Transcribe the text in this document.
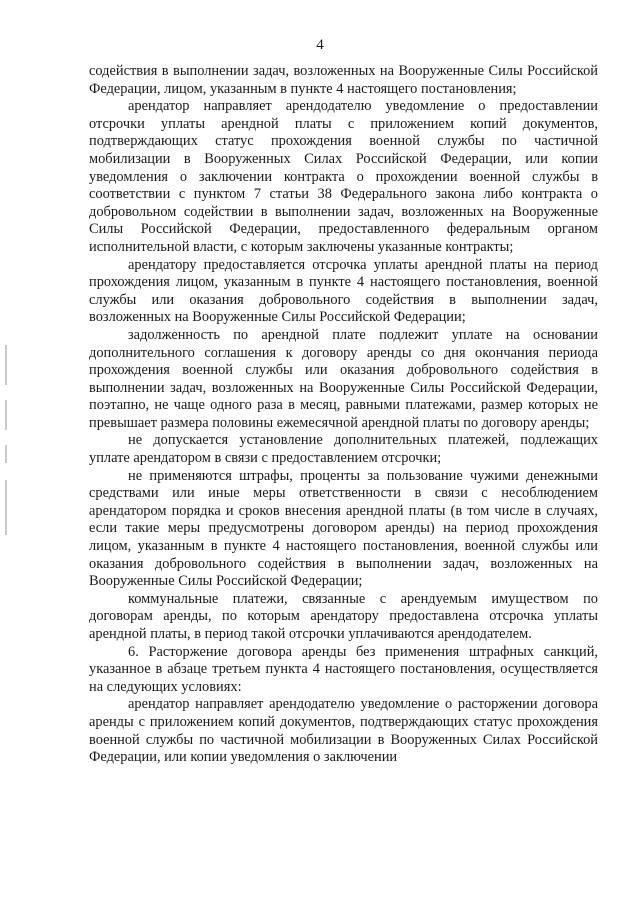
4

содействия в выполнении задач, возложенных на Вооруженные Силы Российской Федерации, лицом, указанным в пункте 4 настоящего постановления;

арендатор направляет арендодателю уведомление о предоставлении отсрочки уплаты арендной платы с приложением копий документов, подтверждающих статус прохождения военной службы по частичной мобилизации в Вооруженных Силах Российской Федерации, или копии уведомления о заключении контракта о прохождении военной службы в соответствии с пунктом 7 статьи 38 Федерального закона либо контракта о добровольном содействии в выполнении задач, возложенных на Вооруженные Силы Российской Федерации, предоставленного федеральным органом исполнительной власти, с которым заключены указанные контракты;

арендатору предоставляется отсрочка уплаты арендной платы на период прохождения лицом, указанным в пункте 4 настоящего постановления, военной службы или оказания добровольного содействия в выполнении задач, возложенных на Вооруженные Силы Российской Федерации;

задолженность по арендной плате подлежит уплате на основании дополнительного соглашения к договору аренды со дня окончания периода прохождения военной службы или оказания добровольного содействия в выполнении задач, возложенных на Вооруженные Силы Российской Федерации, поэтапно, не чаще одного раза в месяц, равными платежами, размер которых не превышает размера половины ежемесячной арендной платы по договору аренды;

не допускается установление дополнительных платежей, подлежащих уплате арендатором в связи с предоставлением отсрочки;

не применяются штрафы, проценты за пользование чужими денежными средствами или иные меры ответственности в связи с несоблюдением арендатором порядка и сроков внесения арендной платы (в том числе в случаях, если такие меры предусмотрены договором аренды) на период прохождения лицом, указанным в пункте 4 настоящего постановления, военной службы или оказания добровольного содействия в выполнении задач, возложенных на Вооруженные Силы Российской Федерации;

коммунальные платежи, связанные с арендуемым имуществом по договорам аренды, по которым арендатору предоставлена отсрочка уплаты арендной платы, в период такой отсрочки уплачиваются арендодателем.

6. Расторжение договора аренды без применения штрафных санкций, указанное в абзаце третьем пункта 4 настоящего постановления, осуществляется на следующих условиях:

арендатор направляет арендодателю уведомление о расторжении договора аренды с приложением копий документов, подтверждающих статус прохождения военной службы по частичной мобилизации в Вооруженных Силах Российской Федерации, или копии уведомления о заключении
